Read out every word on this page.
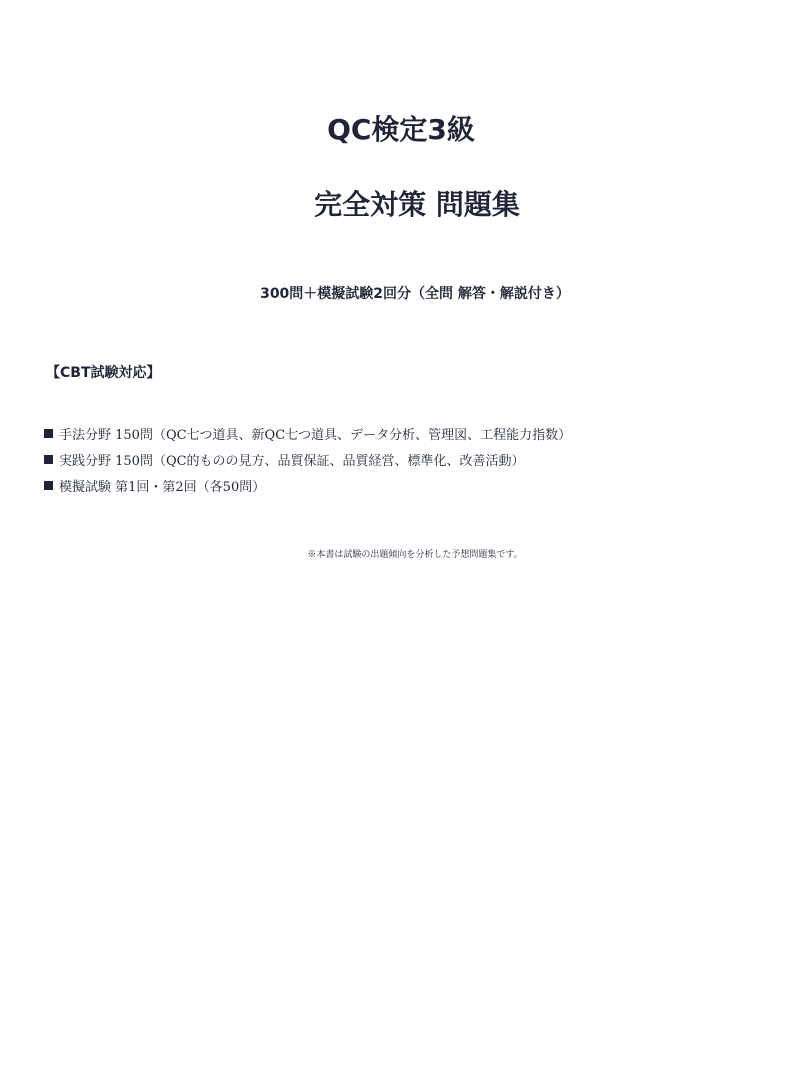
QC検定3級
完全対策 問題集
300問＋模擬試験2回分（全問 解答・解説付き）
【CBT試験対応】
手法分野 150問（QC七つ道具、新QC七つ道具、データ分析、管理図、工程能力指数）
実践分野 150問（QC的ものの見方、品質保証、品質経営、標準化、改善活動）
模擬試験 第1回・第2回（各50問）
※本書は試験の出題傾向を分析した予想問題集です。
